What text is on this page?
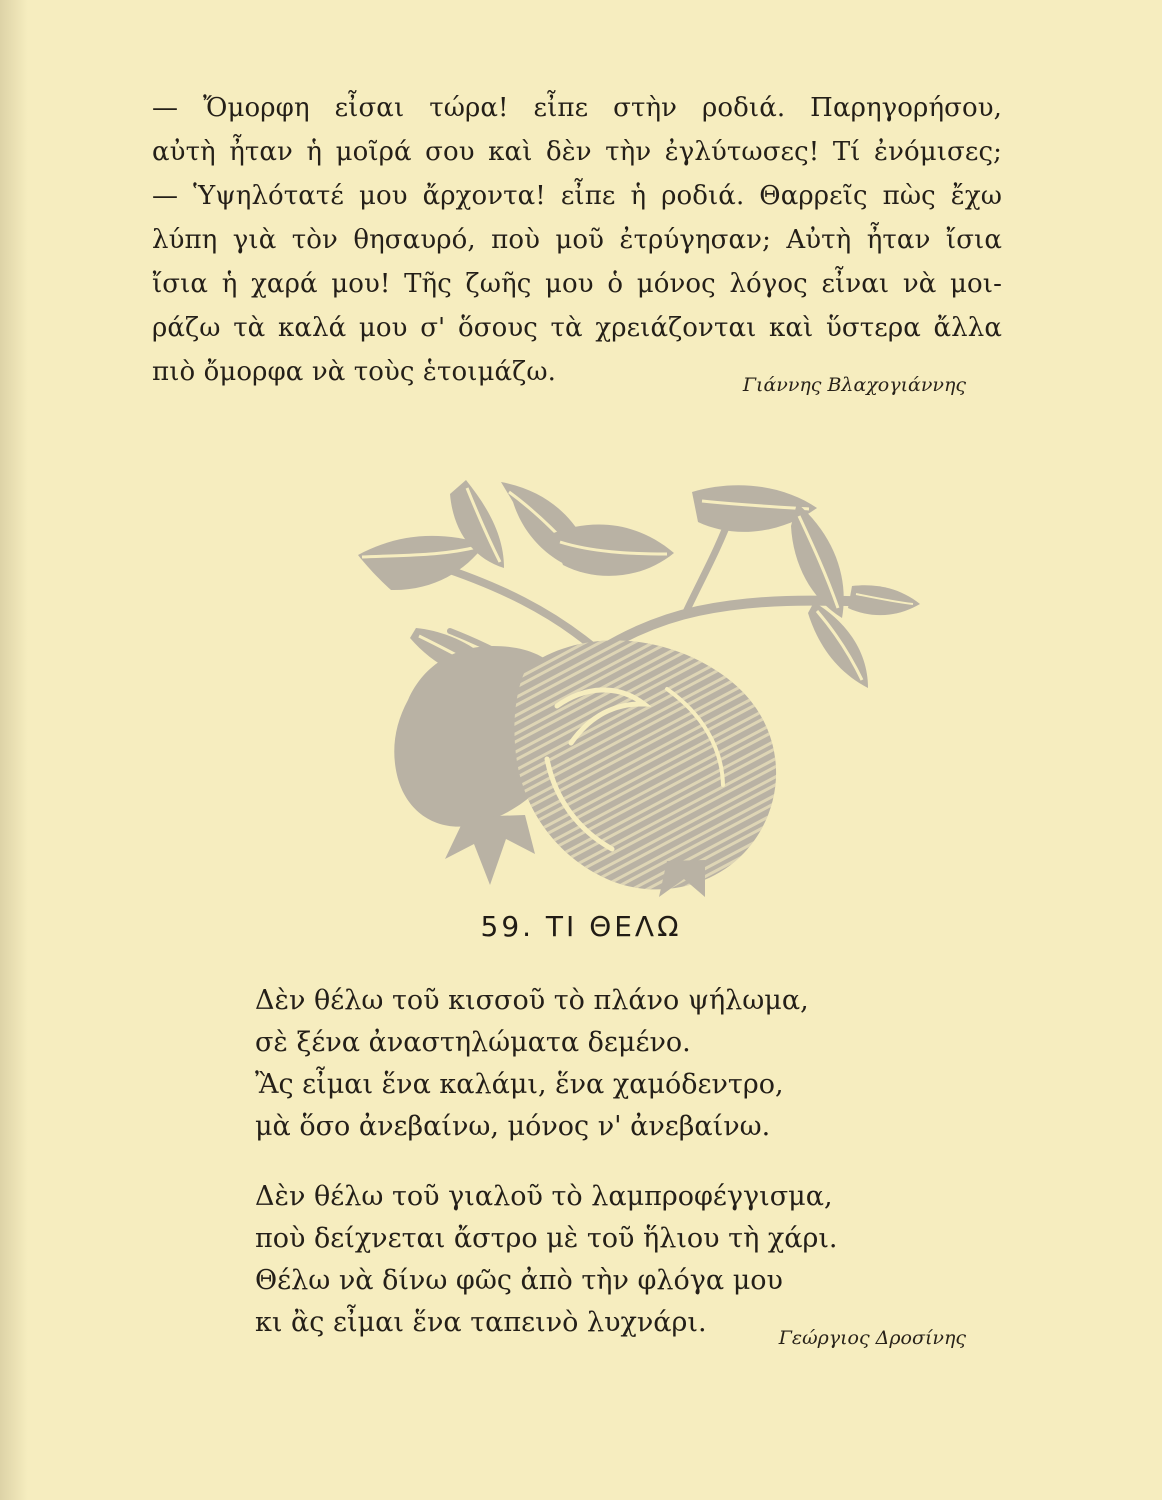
— Ὄμορφη εἶσαι τώρα! εἶπε στὴν ροδιά. Παρηγορήσου,
αὐτὴ ἦταν ἡ μοῖρά σου καὶ δὲν τὴν ἐγλύτωσες! Τί ἐνόμισες;
— Ὑψηλότατέ μου ἄρχοντα! εἶπε ἡ ροδιά. Θαρρεῖς πὼς ἔχω
λύπη γιὰ τὸν θησαυρό, ποὺ μοῦ ἐτρύγησαν; Αὐτὴ ἦταν ἴσια
ἴσια ἡ χαρά μου! Τῆς ζωῆς μου ὁ μόνος λόγος εἶναι νὰ μοι-
ράζω τὰ καλά μου σ' ὅσους τὰ χρειάζονται καὶ ὕστερα ἄλλα
πιὸ ὄμορφα νὰ τοὺς ἑτοιμάζω.	Γιάννης Βλαχογιάννης
59. ΤΙ ΘΕΛΩ
Δὲν θέλω τοῦ κισσοῦ τὸ πλάνο ψήλωμα,
σὲ ξένα ἀναστηλώματα δεμένο.
Ἂς εἶμαι ἕνα καλάμι, ἕνα χαμόδεντρο,
μὰ ὅσο ἀνεβαίνω, μόνος ν' ἀνεβαίνω.
Δὲν θέλω τοῦ γιαλοῦ τὸ λαμπροφέγγισμα,
ποὺ δείχνεται ἄστρο μὲ τοῦ ἥλιου τὴ χάρι.
Θέλω νὰ δίνω φῶς ἀπὸ τὴν φλόγα μου
κι ἂς εἶμαι ἕνα ταπεινὸ λυχνάρι.	Γεώργιος Δροσίνης
